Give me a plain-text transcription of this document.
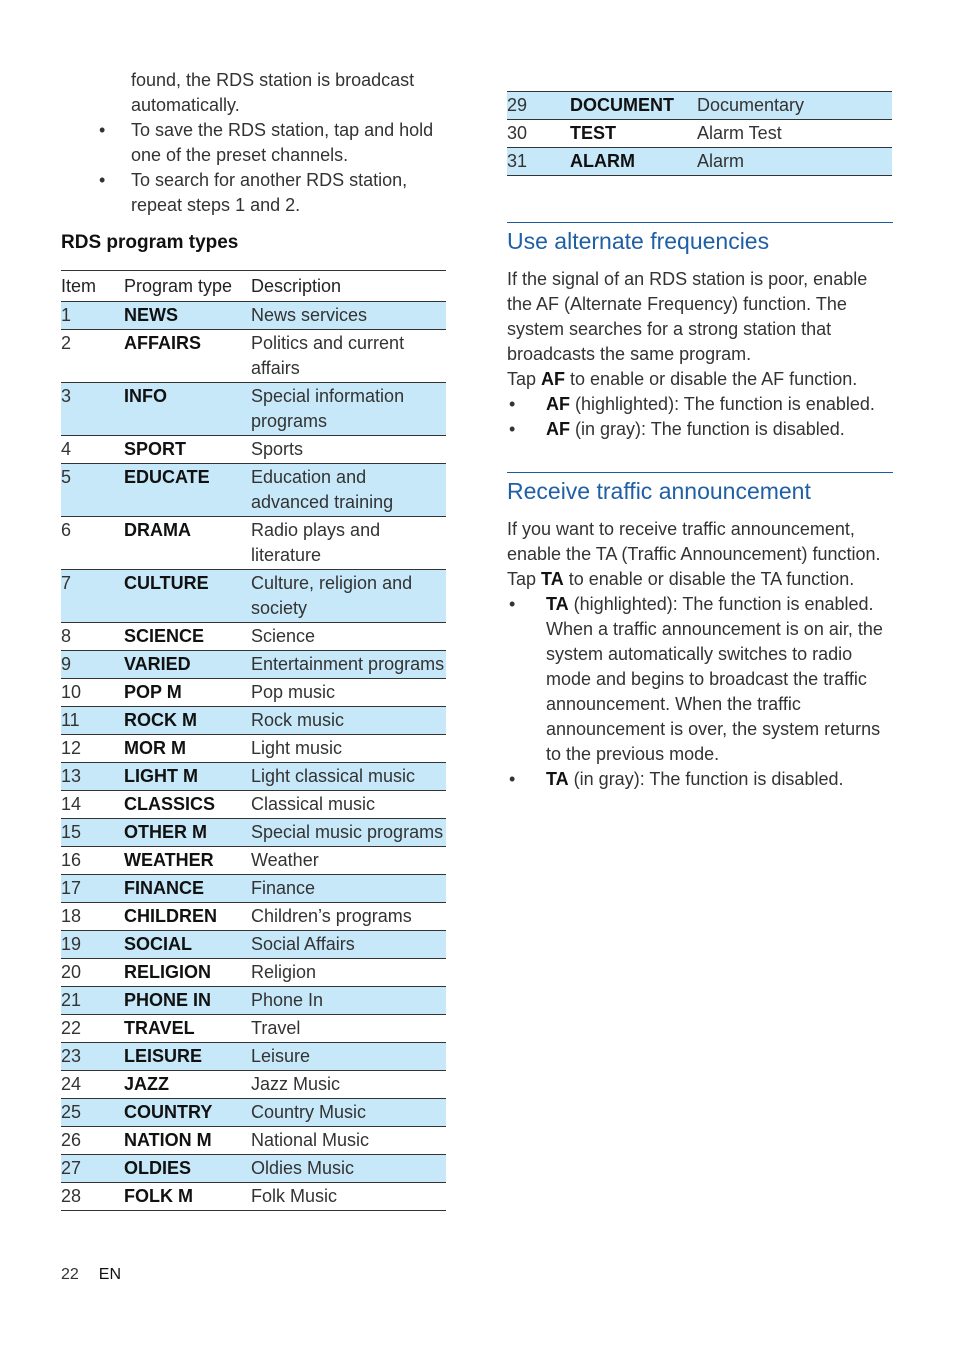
found, the RDS station is broadcast automatically.
• To save the RDS station, tap and hold one of the preset channels.
• To search for another RDS station, repeat steps 1 and 2.
RDS program types
Item	Program type	Description
1	NEWS	News services
2	AFFAIRS	Politics and current affairs
3	INFO	Special information programs
4	SPORT	Sports
5	EDUCATE	Education and advanced training
6	DRAMA	Radio plays and literature
7	CULTURE	Culture, religion and society
8	SCIENCE	Science
9	VARIED	Entertainment programs
10	POP M	Pop music
11	ROCK M	Rock music
12	MOR M	Light music
13	LIGHT M	Light classical music
14	CLASSICS	Classical music
15	OTHER M	Special music programs
16	WEATHER	Weather
17	FINANCE	Finance
18	CHILDREN	Children’s programs
19	SOCIAL	Social Affairs
20	RELIGION	Religion
21	PHONE IN	Phone In
22	TRAVEL	Travel
23	LEISURE	Leisure
24	JAZZ	Jazz Music
25	COUNTRY	Country Music
26	NATION M	National Music
27	OLDIES	Oldies Music
28	FOLK M	Folk Music
29	DOCUMENT	Documentary
30	TEST	Alarm Test
31	ALARM	Alarm
Use alternate frequencies
If the signal of an RDS station is poor, enable the AF (Alternate Frequency) function. The system searches for a strong station that broadcasts the same program.
Tap AF to enable or disable the AF function.
• AF (highlighted): The function is enabled.
• AF (in gray): The function is disabled.
Receive traffic announcement
If you want to receive traffic announcement, enable the TA (Traffic Announcement) function.
Tap TA to enable or disable the TA function.
• TA (highlighted): The function is enabled. When a traffic announcement is on air, the system automatically switches to radio mode and begins to broadcast the traffic announcement. When the traffic announcement is over, the system returns to the previous mode.
• TA (in gray): The function is disabled.
22 EN
